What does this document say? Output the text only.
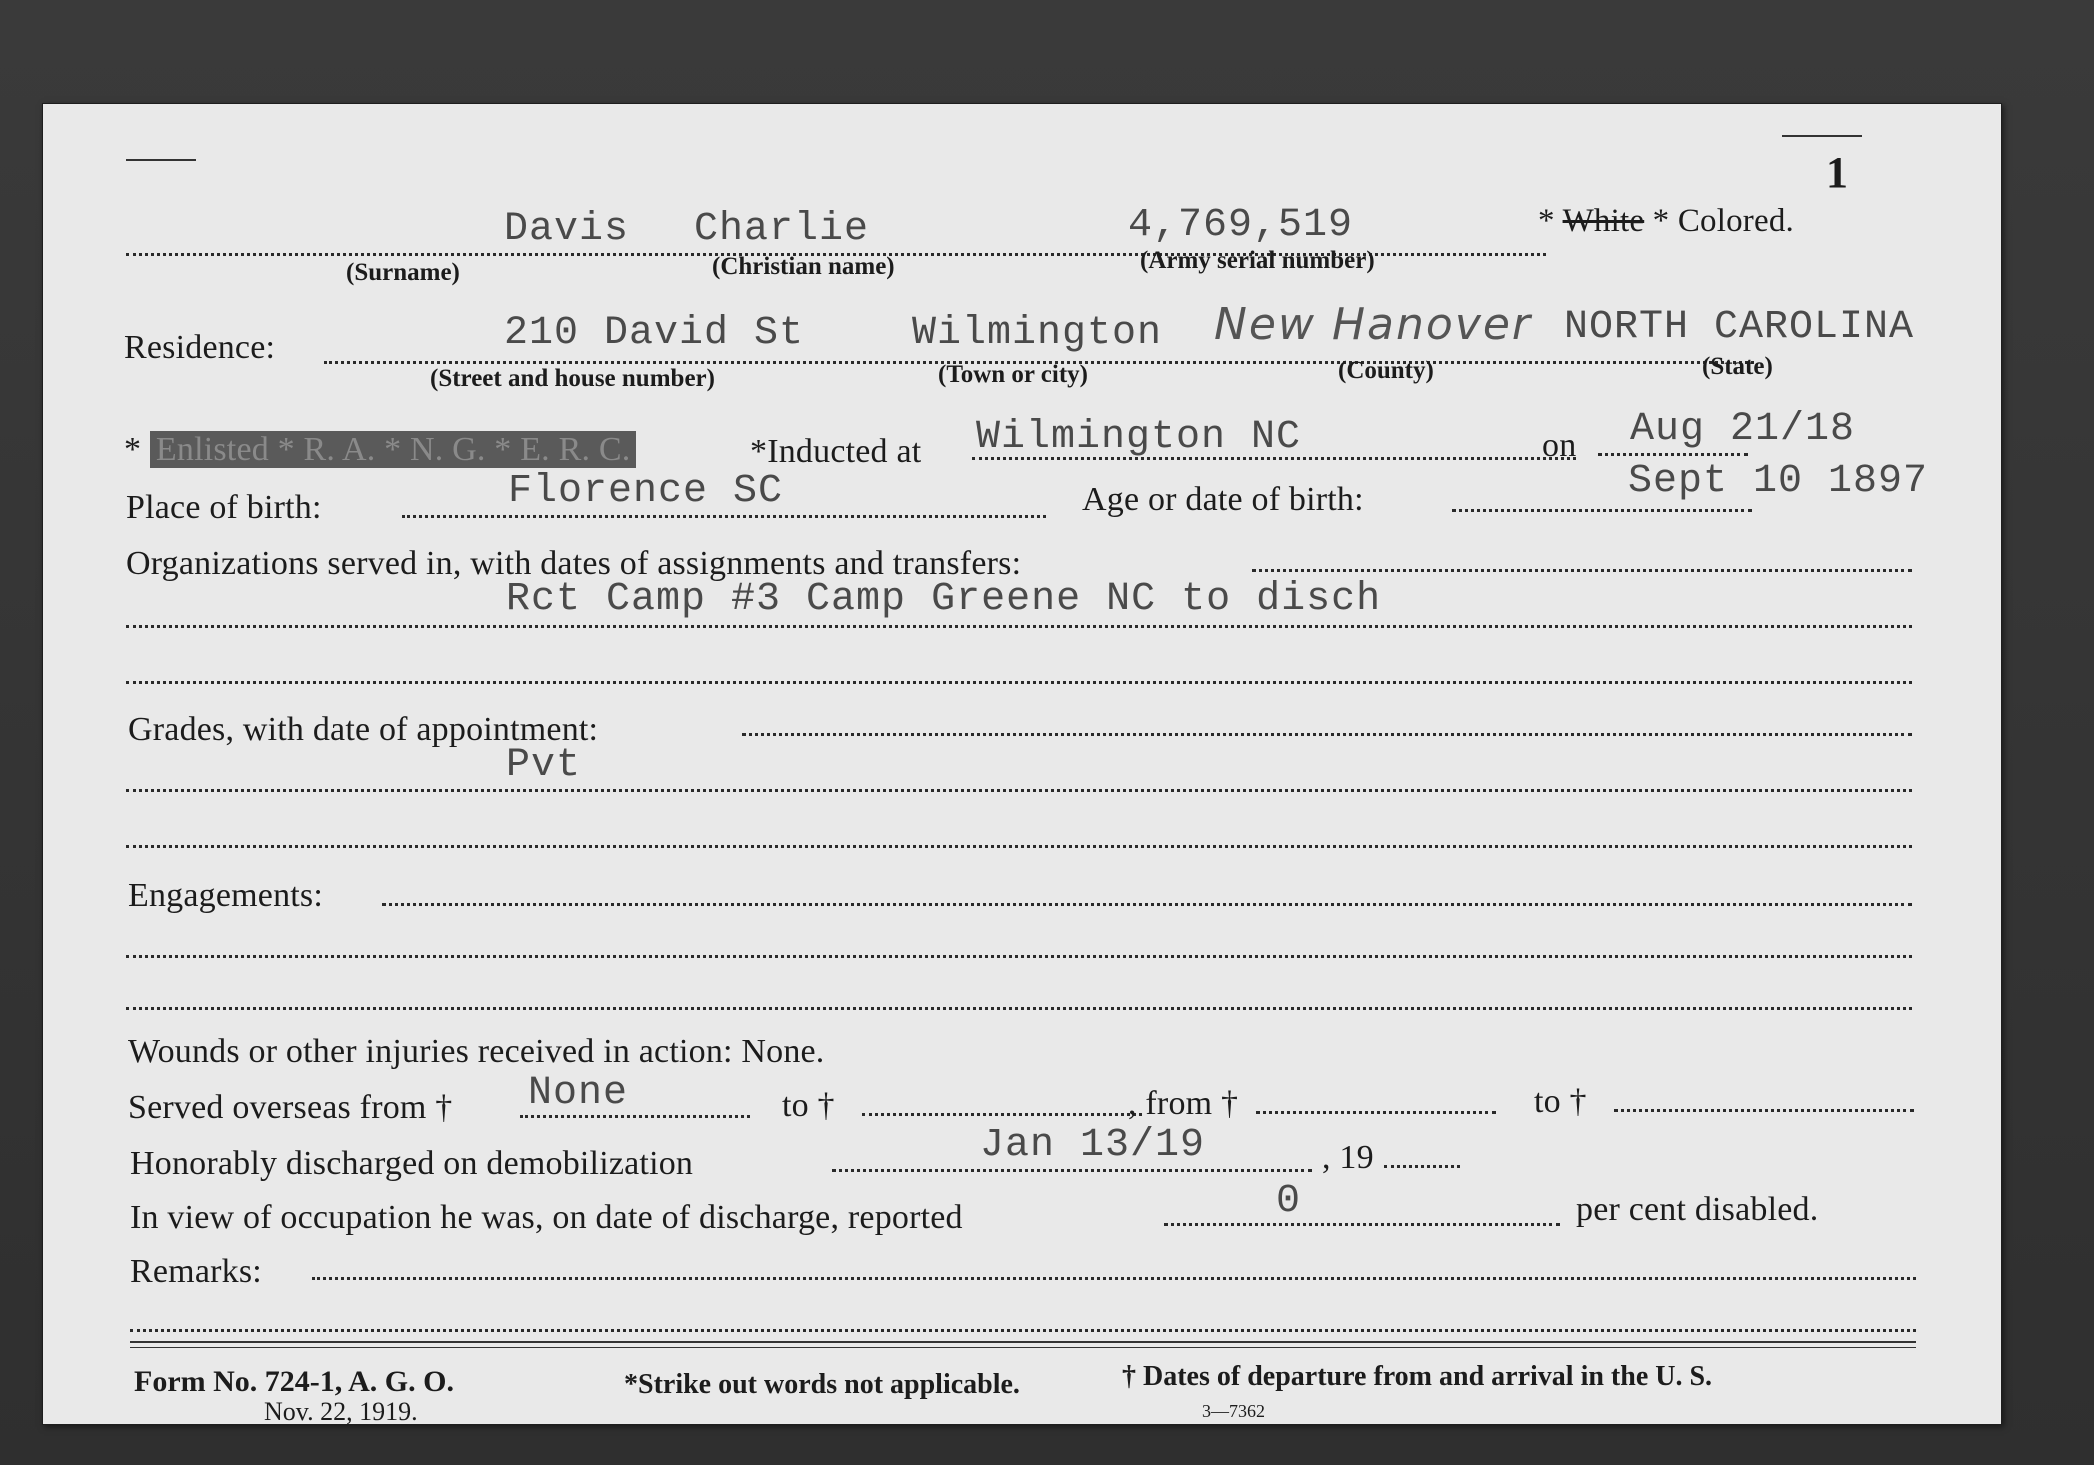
1
Davis Charlie	4,769,519
(Surname)	(Christian name)	(Army serial number)
* White * Colored.
Residence:	210 David St	Wilmington New Hanover NORTH CAROLINA
(Street and house number)	(Town or city)	(County)	(State)
* Enlisted * R. A. * N. G. * E. R. C.	*Inducted at Wilmington NC	on Aug 21/18
Place of birth:	Florence SC	Age or date of birth:	Sept 10 1897
Organizations served in, with dates of assignments and transfers:
Rct Camp #3 Camp Greene NC to disch
Grades, with date of appointment:
Pvt
Engagements:
Wounds or other injuries received in action: None.
Served overseas from † None	to †	, from †	to †
Honorably discharged on demobilization	Jan 13/19	, 19
In view of occupation he was, on date of discharge, reported	0	per cent disabled.
Remarks:
Form No. 724-1, A. G. O.
Nov. 22, 1919.
*Strike out words not applicable.	† Dates of departure from and arrival in the U. S.
3—7362
